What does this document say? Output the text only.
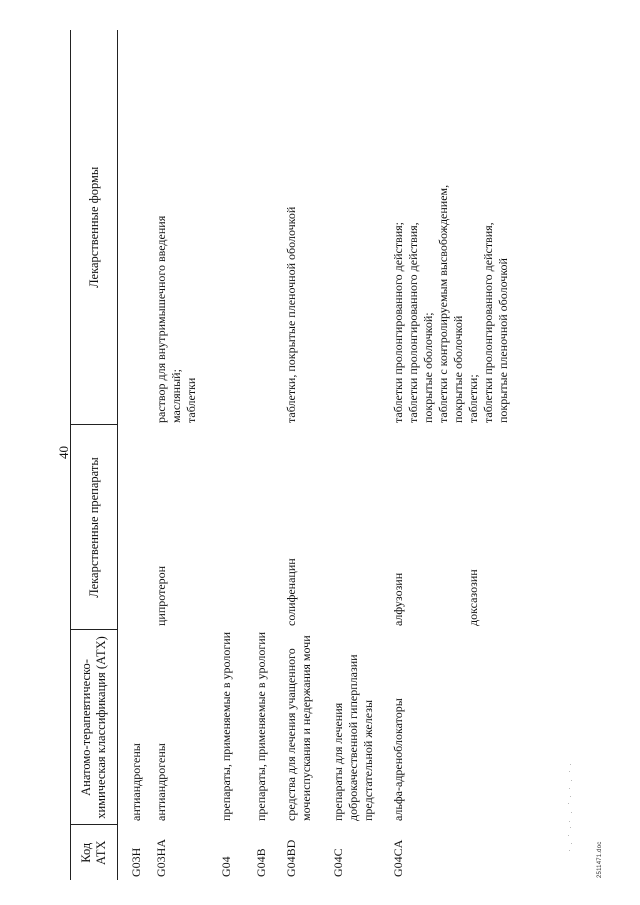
40
Код АТХ	Анатомо-терапевтическо-химическая классификация (АТХ)	Лекарственные препараты	Лекарственные формы
G03H	антиандрогены		

G03HA	антиандрогены	ципротерон	раствор для внутримышечного введения масляный; таблетки

G04	препараты, применяемые в урологии		

G04B	препараты, применяемые в урологии		

G04BD	средства для лечения учащенного мочеиспускания и недержания мочи	солифенацин	таблетки, покрытые пленочной оболочкой

G04C	препараты для лечения доброкачественной гиперплазии предстательной железы		

G04CA	альфа-адреноблокаторы	алфузозин	таблетки пролонгированного действия; таблетки пролонгированного действия, покрытые оболочкой; таблетки с контролируемым высвобождением, покрытые оболочкой

		доксазозин	таблетки; таблетки пролонгированного действия, покрытые пленочной оболочкой
2511471.doc
